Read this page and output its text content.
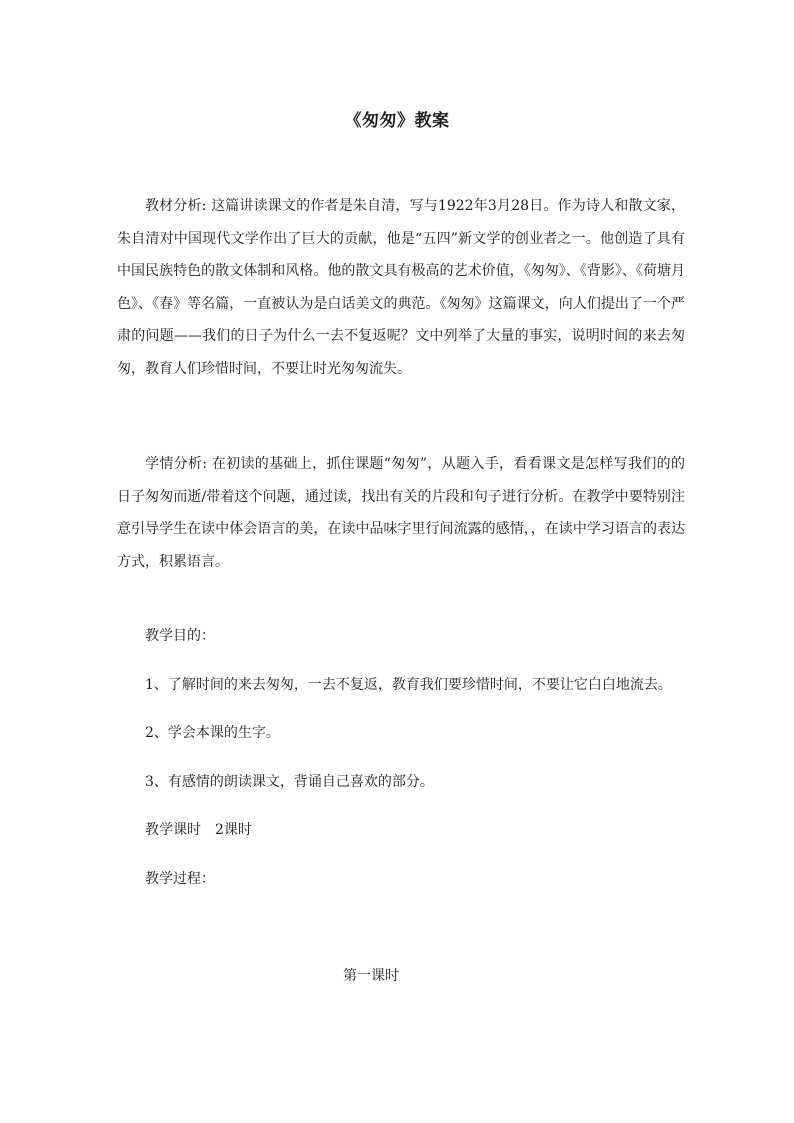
《匆匆》教案

教材分析: 这篇讲读课文的作者是朱自清，写与1922年3月28日。作为诗人和散文家，朱自清对中国现代文学作出了巨大的贡献，他是“五四”新文学的创业者之一。他创造了具有中国民族特色的散文体制和风格。他的散文具有极高的艺术价值，《匆匆》、《背影》、《荷塘月色》、《春》等名篇，一直被认为是白话美文的典范。《匆匆》这篇课文，向人们提出了一个严肃的问题——我们的日子为什么一去不复返呢？文中列举了大量的事实，说明时间的来去匆匆，教育人们珍惜时间，不要让时光匆匆流失。

学情分析: 在初读的基础上，抓住课题“匆匆”，从题入手，看看课文是怎样写我们的的日子匆匆而逝/带着这个问题，通过读，找出有关的片段和句子进行分析。在教学中要特别注意引导学生在读中体会语言的美，在读中品味字里行间流露的感情，，在读中学习语言的表达方式，积累语言。

教学目的：
1、了解时间的来去匆匆，一去不复返，教育我们要珍惜时间，不要让它白白地流去。
2、学会本课的生字。
3、有感情的朗读课文，背诵自己喜欢的部分。
教学课时　2课时
教学过程：
第一课时
